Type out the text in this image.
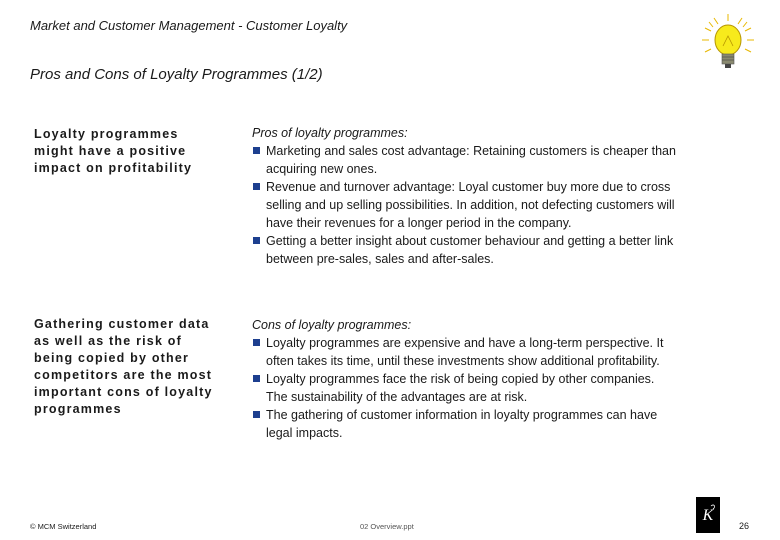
Market and Customer Management - Customer Loyalty
Pros and Cons of Loyalty Programmes (1/2)
Loyalty programmes
might have a positive
impact on profitability
Pros of loyalty programmes:
Marketing and sales cost advantage: Retaining customers is cheaper than
acquiring new ones.
Revenue and turnover advantage: Loyal customer buy more due to cross
selling and up selling possibilities. In addition, not defecting customers will
have their revenues for a longer period in the company.
Getting a better insight about customer behaviour and getting a better link
between pre-sales, sales and after-sales.
Gathering customer data
as well as the risk of
being copied by other
competitors are the most
important cons of loyalty
programmes
Cons of loyalty programmes:
Loyalty programmes are expensive and have a long-term perspective. It
often takes its time, until these investments show additional profitability.
Loyalty programmes face the risk of being copied by other companies.
The sustainability of the advantages are at risk.
The gathering of customer information in loyalty programmes can have
legal impacts.
© MCM Switzerland	02 Overview.ppt
K
26
